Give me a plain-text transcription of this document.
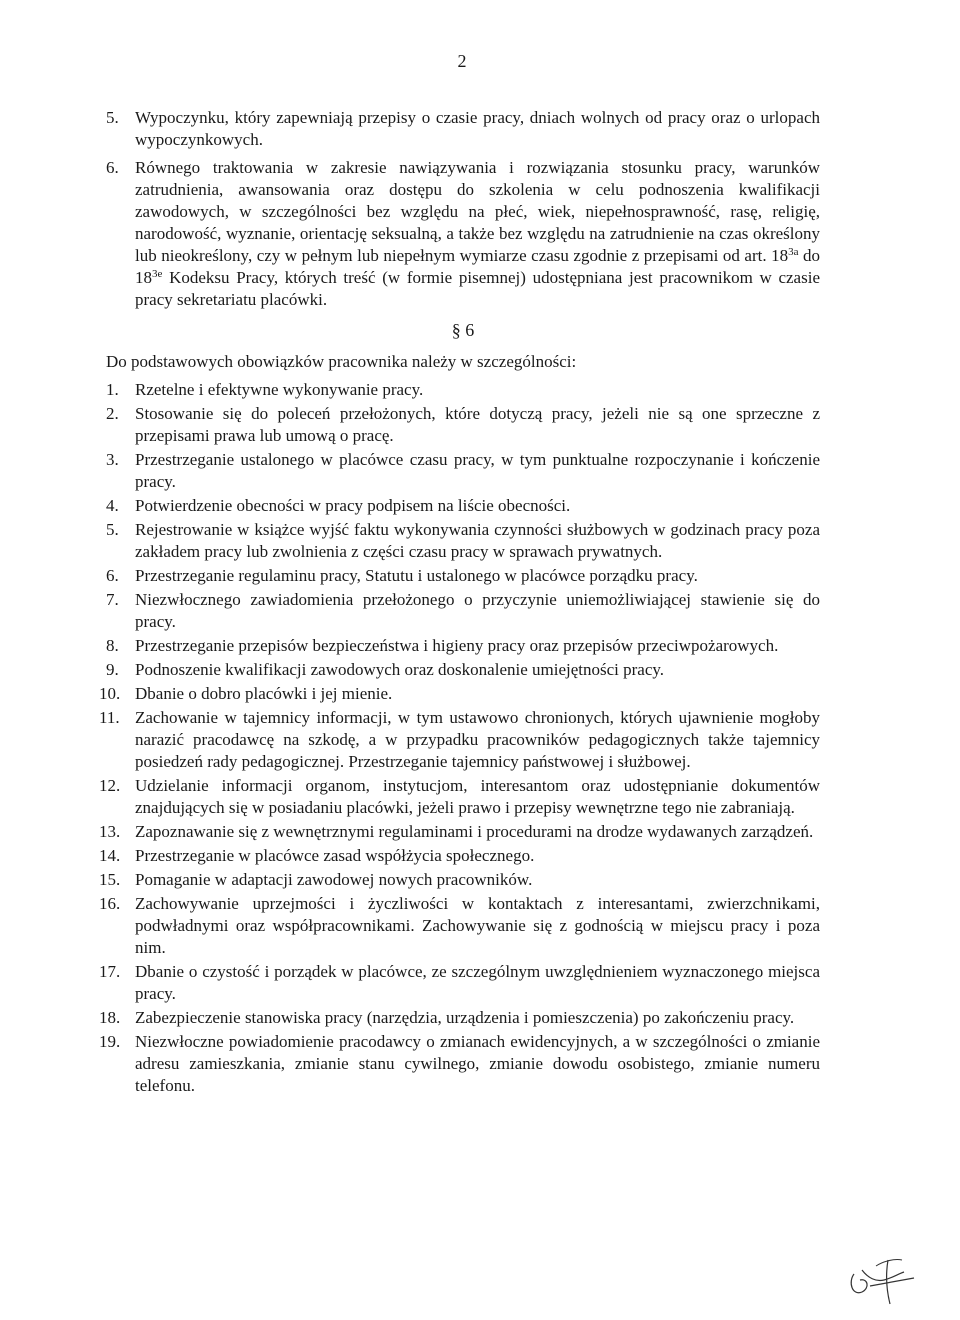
2
5. Wypoczynku, który zapewniają przepisy o czasie pracy, dniach wolnych od pracy oraz o urlopach wypoczynkowych.
6. Równego traktowania w zakresie nawiązywania i rozwiązania stosunku pracy, warunków zatrudnienia, awansowania oraz dostępu do szkolenia w celu podnoszenia kwalifikacji zawodowych, w szczególności bez względu na płeć, wiek, niepełnosprawność, rasę, religię, narodowość, wyznanie, orientację seksualną, a także bez względu na zatrudnienie na czas określony lub nieokreślony, czy w pełnym lub niepełnym wymiarze czasu zgodnie z przepisami od art. $18^{3a}$ do $18^{3e}$ Kodeksu Pracy, których treść (w formie pisemnej) udostępniana jest pracownikom w czasie pracy sekretariatu placówki.
§ 6
Do podstawowych obowiązków pracownika należy w szczególności:
1. Rzetelne i efektywne wykonywanie pracy.
2. Stosowanie się do poleceń przełożonych, które dotyczą pracy, jeżeli nie są one sprzeczne z przepisami prawa lub umową o pracę.
3. Przestrzeganie ustalonego w placówce czasu pracy, w tym punktualne rozpoczynanie i kończenie pracy.
4. Potwierdzenie obecności w pracy podpisem na liście obecności.
5. Rejestrowanie w książce wyjść faktu wykonywania czynności służbowych w godzinach pracy poza zakładem pracy lub zwolnienia z części czasu pracy w sprawach prywatnych.
6. Przestrzeganie regulaminu pracy, Statutu i ustalonego w placówce porządku pracy.
7. Niezwłocznego zawiadomienia przełożonego o przyczynie uniemożliwiającej stawienie się do pracy.
8. Przestrzeganie przepisów bezpieczeństwa i higieny pracy oraz przepisów przeciwpożarowych.
9. Podnoszenie kwalifikacji zawodowych oraz doskonalenie umiejętności pracy.
10. Dbanie o dobro placówki i jej mienie.
11. Zachowanie w tajemnicy informacji, w tym ustawowo chronionych, których ujawnienie mogłoby narazić pracodawcę na szkodę, a w przypadku pracowników pedagogicznych także tajemnicy posiedzeń rady pedagogicznej. Przestrzeganie tajemnicy państwowej i służbowej.
12. Udzielanie informacji organom, instytucjom, interesantom oraz udostępnianie dokumentów znajdujących się w posiadaniu placówki, jeżeli prawo i przepisy wewnętrzne tego nie zabraniają.
13. Zapoznawanie się z wewnętrznymi regulaminami i procedurami na drodze wydawanych zarządzeń.
14. Przestrzeganie w placówce zasad współżycia społecznego.
15. Pomaganie w adaptacji zawodowej nowych pracowników.
16. Zachowywanie uprzejmości i życzliwości w kontaktach z interesantami, zwierzchnikami, podwładnymi oraz współpracownikami. Zachowywanie się z godnością w miejscu pracy i poza nim.
17. Dbanie o czystość i porządek w placówce, ze szczególnym uwzględnieniem wyznaczonego miejsca pracy.
18. Zabezpieczenie stanowiska pracy (narzędzia, urządzenia i pomieszczenia) po zakończeniu pracy.
19. Niezwłoczne powiadomienie pracodawcy o zmianach ewidencyjnych, a w szczególności o zmianie adresu zamieszkania, zmianie stanu cywilnego, zmianie dowodu osobistego, zmianie numeru telefonu.
